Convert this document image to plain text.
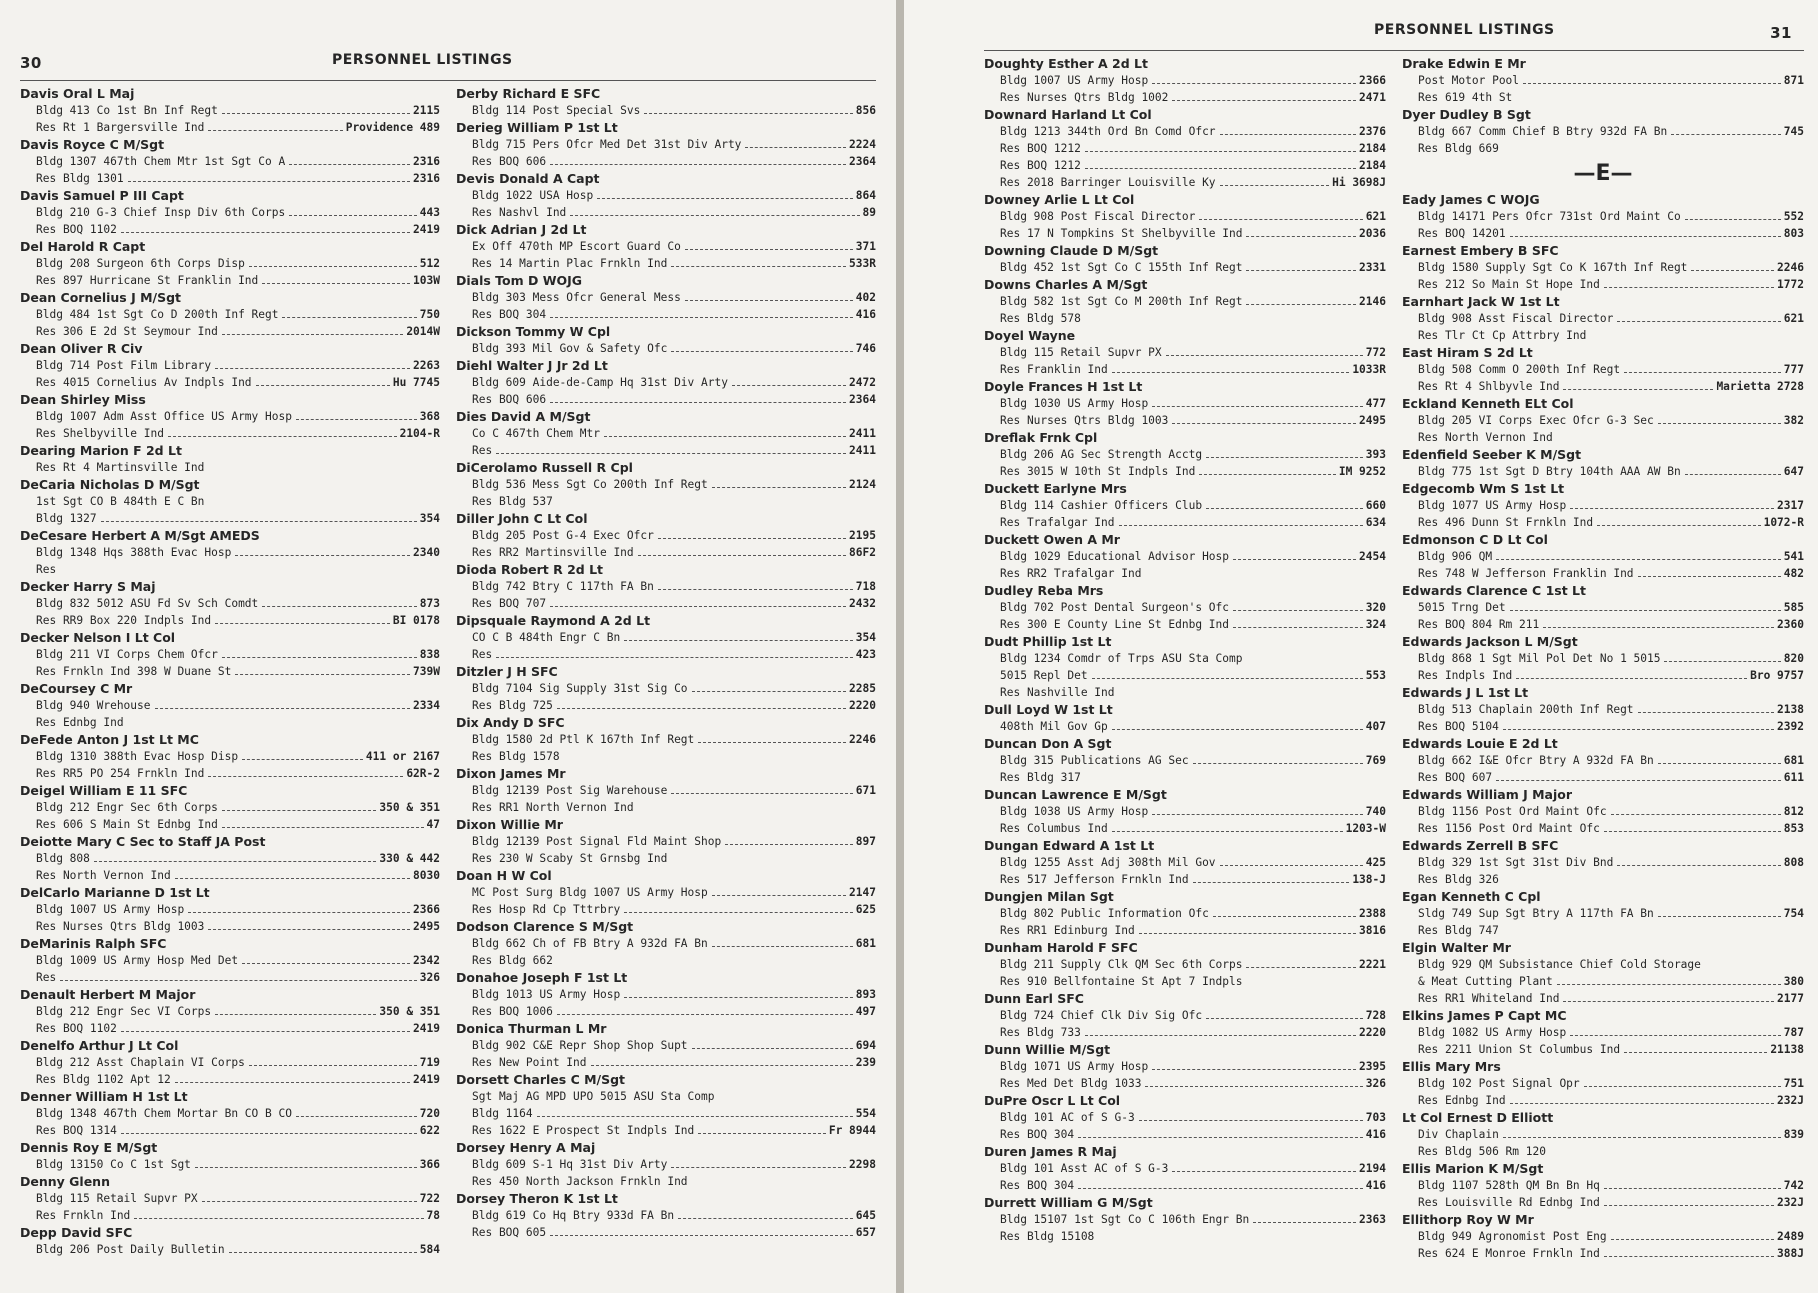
30	PERSONNEL LISTINGS
Davis Oral L Maj
Bldg 413 Co 1st Bn Inf Regt	2115
Res Rt 1 Bargersville Ind	Providence 489
Davis Royce C M/Sgt
Bldg 1307 467th Chem Mtr 1st Sgt Co A	2316
Res Bldg 1301	2316
Davis Samuel P III Capt
Bldg 210 G-3 Chief Insp Div 6th Corps	443
Res BOQ 1102	2419
Del Harold R Capt
Bldg 208 Surgeon 6th Corps Disp	512
Res 897 Hurricane St Franklin Ind	103W
Dean Cornelius J M/Sgt
Bldg 484 1st Sgt Co D 200th Inf Regt	750
Res 306 E 2d St Seymour Ind	2014W
Dean Oliver R Civ
Bldg 714 Post Film Library	2263
Res 4015 Cornelius Av Indpls Ind	Hu 7745
Dean Shirley Miss
Bldg 1007 Adm Asst Office US Army Hosp	368
Res Shelbyville Ind	2104-R
Dearing Marion F 2d Lt
Res Rt 4 Martinsville Ind
DeCaria Nicholas D M/Sgt
1st Sgt CO B 484th E C Bn
Bldg 1327	354
DeCesare Herbert A M/Sgt AMEDS
Bldg 1348 Hqs 388th Evac Hosp	2340
Res
Decker Harry S Maj
Bldg 832 5012 ASU Fd Sv Sch Comdt	873
Res RR9 Box 220 Indpls Ind	BI 0178
Decker Nelson I Lt Col
Bldg 211 VI Corps Chem Ofcr	838
Res Frnkln Ind 398 W Duane St	739W
DeCoursey C Mr
Bldg 940 Wrehouse	2334
Res Ednbg Ind
DeFede Anton J 1st Lt MC
Bldg 1310 388th Evac Hosp Disp	411 or 2167
Res RR5 PO 254 Frnkln Ind	62R-2
Deigel William E 11 SFC
Bldg 212 Engr Sec 6th Corps	350 & 351
Res 606 S Main St Ednbg Ind	47
Deiotte Mary C Sec to Staff JA Post
Bldg 808	330 & 442
Res North Vernon Ind	8030
DelCarlo Marianne D 1st Lt
Bldg 1007 US Army Hosp	2366
Res Nurses Qtrs Bldg 1003	2495
DeMarinis Ralph SFC
Bldg 1009 US Army Hosp Med Det	2342
Res	326
Denault Herbert M Major
Bldg 212 Engr Sec VI Corps	350 & 351
Res BOQ 1102	2419
Denelfo Arthur J Lt Col
Bldg 212 Asst Chaplain VI Corps	719
Res Bldg 1102 Apt 12	2419
Denner William H 1st Lt
Bldg 1348 467th Chem Mortar Bn CO B CO	720
Res BOQ 1314	622
Dennis Roy E M/Sgt
Bldg 13150 Co C 1st Sgt	366
Denny Glenn
Bldg 115 Retail Supvr PX	722
Res Frnkln Ind	78
Depp David SFC
Bldg 206 Post Daily Bulletin	584
Derby Richard E SFC
Bldg 114 Post Special Svs	856
Derieg William P 1st Lt
Bldg 715 Pers Ofcr Med Det 31st Div Arty	2224
Res BOQ 606	2364
Devis Donald A Capt
Bldg 1022 USA Hosp	864
Res Nashvl Ind	89
Dick Adrian J 2d Lt
Ex Off 470th MP Escort Guard Co	371
Res 14 Martin Plac Frnkln Ind	533R
Dials Tom D WOJG
Bldg 303 Mess Ofcr General Mess	402
Res BOQ 304	416
Dickson Tommy W Cpl
Bldg 393 Mil Gov & Safety Ofc	746
Diehl Walter J Jr 2d Lt
Bldg 609 Aide-de-Camp Hq 31st Div Arty	2472
Res BOQ 606	2364
Dies David A M/Sgt
Co C 467th Chem Mtr	2411
Res	2411
DiCerolamo Russell R Cpl
Bldg 536 Mess Sgt Co 200th Inf Regt	2124
Res Bldg 537
Diller John C Lt Col
Bldg 205 Post G-4 Exec Ofcr	2195
Res RR2 Martinsville Ind	86F2
Dioda Robert R 2d Lt
Bldg 742 Btry C 117th FA Bn	718
Res BOQ 707	2432
Dipsquale Raymond A 2d Lt
CO C B 484th Engr C Bn	354
Res	423
Ditzler J H SFC
Bldg 7104 Sig Supply 31st Sig Co	2285
Res Bldg 725	2220
Dix Andy D SFC
Bldg 1580 2d Ptl K 167th Inf Regt	2246
Res Bldg 1578
Dixon James Mr
Bldg 12139 Post Sig Warehouse	671
Res RR1 North Vernon Ind
Dixon Willie Mr
Bldg 12139 Post Signal Fld Maint Shop	897
Res 230 W Scaby St Grnsbg Ind
Doan H W Col
MC Post Surg Bldg 1007 US Army Hosp	2147
Res Hosp Rd Cp Tttrbry	625
Dodson Clarence S M/Sgt
Bldg 662 Ch of FB Btry A 932d FA Bn	681
Res Bldg 662
Donahoe Joseph F 1st Lt
Bldg 1013 US Army Hosp	893
Res BOQ 1006	497
Donica Thurman L Mr
Bldg 902 C&E Repr Shop Shop Supt	694
Res New Point Ind	239
Dorsett Charles C M/Sgt
Sgt Maj AG MPD UPO 5015 ASU Sta Comp
Bldg 1164	554
Res 1622 E Prospect St Indpls Ind	Fr 8944
Dorsey Henry A Maj
Bldg 609 S-1 Hq 31st Div Arty	2298
Res 450 North Jackson Frnkln Ind
Dorsey Theron K 1st Lt
Bldg 619 Co Hq Btry 933d FA Bn	645
Res BOQ 605	657
PERSONNEL LISTINGS	31
Doughty Esther A 2d Lt
Bldg 1007 US Army Hosp	2366
Res Nurses Qtrs Bldg 1002	2471
Downard Harland Lt Col
Bldg 1213 344th Ord Bn Comd Ofcr	2376
Res BOQ 1212	2184
Res BOQ 1212	2184
Res 2018 Barringer Louisville Ky	Hi 3698J
Downey Arlie L Lt Col
Bldg 908 Post Fiscal Director	621
Res 17 N Tompkins St Shelbyville Ind	2036
Downing Claude D M/Sgt
Bldg 452 1st Sgt Co C 155th Inf Regt	2331
Downs Charles A M/Sgt
Bldg 582 1st Sgt Co M 200th Inf Regt	2146
Res Bldg 578
Doyel Wayne
Bldg 115 Retail Supvr PX	772
Res Franklin Ind	1033R
Doyle Frances H 1st Lt
Bldg 1030 US Army Hosp	477
Res Nurses Qtrs Bldg 1003	2495
Dreflak Frnk Cpl
Bldg 206 AG Sec Strength Acctg	393
Res 3015 W 10th St Indpls Ind	IM 9252
Duckett Earlyne Mrs
Bldg 114 Cashier Officers Club	660
Res Trafalgar Ind	634
Duckett Owen A Mr
Bldg 1029 Educational Advisor Hosp	2454
Res RR2 Trafalgar Ind
Dudley Reba Mrs
Bldg 702 Post Dental Surgeon's Ofc	320
Res 300 E County Line St Ednbg Ind	324
Dudt Phillip 1st Lt
Bldg 1234 Comdr of Trps ASU Sta Comp
5015 Repl Det	553
Res Nashville Ind
Dull Loyd W 1st Lt
408th Mil Gov Gp	407
Duncan Don A Sgt
Bldg 315 Publications AG Sec	769
Res Bldg 317
Duncan Lawrence E M/Sgt
Bldg 1038 US Army Hosp	740
Res Columbus Ind	1203-W
Dungan Edward A 1st Lt
Bldg 1255 Asst Adj 308th Mil Gov	425
Res 517 Jefferson Frnkln Ind	138-J
Dungjen Milan Sgt
Bldg 802 Public Information Ofc	2388
Res RR1 Edinburg Ind	3816
Dunham Harold F SFC
Bldg 211 Supply Clk QM Sec 6th Corps	2221
Res 910 Bellfontaine St Apt 7 Indpls
Dunn Earl SFC
Bldg 724 Chief Clk Div Sig Ofc	728
Res Bldg 733	2220
Dunn Willie M/Sgt
Bldg 1071 US Army Hosp	2395
Res Med Det Bldg 1033	326
DuPre Oscr L Lt Col
Bldg 101 AC of S G-3	703
Res BOQ 304	416
Duren James R Maj
Bldg 101 Asst AC of S G-3	2194
Res BOQ 304	416
Durrett William G M/Sgt
Bldg 15107 1st Sgt Co C 106th Engr Bn	2363
Res Bldg 15108
Drake Edwin E Mr
Post Motor Pool	871
Res 619 4th St
Dyer Dudley B Sgt
Bldg 667 Comm Chief B Btry 932d FA Bn	745
Res Bldg 669
—E—
Eady James C WOJG
Bldg 14171 Pers Ofcr 731st Ord Maint Co	552
Res BOQ 14201	803
Earnest Embery B SFC
Bldg 1580 Supply Sgt Co K 167th Inf Regt	2246
Res 212 So Main St Hope Ind	1772
Earnhart Jack W 1st Lt
Bldg 908 Asst Fiscal Director	621
Res Tlr Ct Cp Attrbry Ind
East Hiram S 2d Lt
Bldg 508 Comm O 200th Inf Regt	777
Res Rt 4 Shlbyvle Ind	Marietta 2728
Eckland Kenneth ELt Col
Bldg 205 VI Corps Exec Ofcr G-3 Sec	382
Res North Vernon Ind
Edenfield Seeber K M/Sgt
Bldg 775 1st Sgt D Btry 104th AAA AW Bn	647
Edgecomb Wm S 1st Lt
Bldg 1077 US Army Hosp	2317
Res 496 Dunn St Frnkln Ind	1072-R
Edmonson C D Lt Col
Bldg 906 QM	541
Res 748 W Jefferson Franklin Ind	482
Edwards Clarence C 1st Lt
5015 Trng Det	585
Res BOQ 804 Rm 211	2360
Edwards Jackson L M/Sgt
Bldg 868 1 Sgt Mil Pol Det No 1 5015	820
Res Indpls Ind	Bro 9757
Edwards J L 1st Lt
Bldg 513 Chaplain 200th Inf Regt	2138
Res BOQ 5104	2392
Edwards Louie E 2d Lt
Bldg 662 I&E Ofcr Btry A 932d FA Bn	681
Res BOQ 607	611
Edwards William J Major
Bldg 1156 Post Ord Maint Ofc	812
Res 1156 Post Ord Maint Ofc	853
Edwards Zerrell B SFC
Bldg 329 1st Sgt 31st Div Bnd	808
Res Bldg 326
Egan Kenneth C Cpl
Sldg 749 Sup Sgt Btry A 117th FA Bn	754
Res Bldg 747
Elgin Walter Mr
Bldg 929 QM Subsistance Chief Cold Storage
& Meat Cutting Plant	380
Res RR1 Whiteland Ind	2177
Elkins James P Capt MC
Bldg 1082 US Army Hosp	787
Res 2211 Union St Columbus Ind	21138
Ellis Mary Mrs
Bldg 102 Post Signal Opr	751
Res Ednbg Ind	232J
Lt Col Ernest D Elliott
Div Chaplain	839
Res Bldg 506 Rm 120
Ellis Marion K M/Sgt
Bldg 1107 528th QM Bn Bn Hq	742
Res Louisville Rd Ednbg Ind	232J
Ellithorp Roy W Mr
Bldg 949 Agronomist Post Eng	2489
Res 624 E Monroe Frnkln Ind	388J
